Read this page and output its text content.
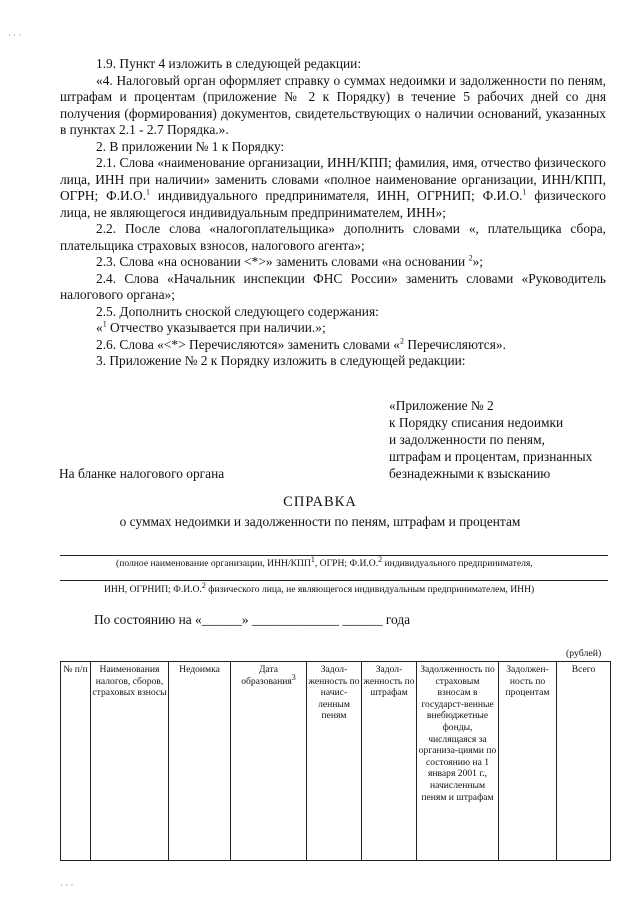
· · ·

1.9. Пункт 4 изложить в следующей редакции:

«4. Налоговый орган оформляет справку о суммах недоимки и задолженности по пеням, штрафам и процентам (приложение № 2 к Порядку) в течение 5 рабочих дней со дня получения (формирования) документов, свидетельствующих о наличии оснований, указанных в пунктах 2.1 - 2.7 Порядка.».

2. В приложении № 1 к Порядку:

2.1. Слова «наименование организации, ИНН/КПП; фамилия, имя, отчество физического лица, ИНН при наличии» заменить словами «полное наименование организации, ИНН/КПП, ОГРН; Ф.И.О.$^1$ индивидуального предпринимателя, ИНН, ОГРНИП; Ф.И.О.$^1$ физического лица, не являющегося индивидуальным предпринимателем, ИНН»;

2.2. После слова «налогоплательщика» дополнить словами «, плательщика сбора, плательщика страховых взносов, налогового агента»;

2.3. Слова «на основании <*>» заменить словами «на основании $^2$»;

2.4. Слова «Начальник инспекции ФНС России» заменить словами «Руководитель налогового органа»;

2.5. Дополнить сноской следующего содержания:

«$^1$ Отчество указывается при наличии.»;

2.6. Слова «<*> Перечисляются» заменить словами «$^2$ Перечисляются».

3. Приложение № 2 к Порядку изложить в следующей редакции:

«Приложение № 2
к Порядку списания недоимки
и задолженности по пеням,
штрафам и процентам, признанных
безнадежными к взысканию
На бланке налогового органа
СПРАВКА
о суммах недоимки и задолженности по пеням, штрафам и процентам
(полное наименование организации, ИНН/КПП$^1$, ОГРН; Ф.И.О.$^2$ индивидуального предпринимателя,
ИНН, ОГРНИП; Ф.И.О.$^2$ физического лица, не являющегося индивидуальным предпринимателем, ИНН)
По состоянию на «______» _____________ ______ года
(рублей)
№ п/п	Наименования налогов, сборов, страховых взносы	Недоимка	Дата образования$^3$	Задол-женность по начис-ленным пеням	Задол-женность по штрафам	Задолженность по страховым взносам в государст-венные внебюджетные фонды, числящаяся за организа-циями по состоянию на 1 января 2001 г., начисленным пеням и штрафам	Задолжен-ность по процентам	Всего
· · ·
